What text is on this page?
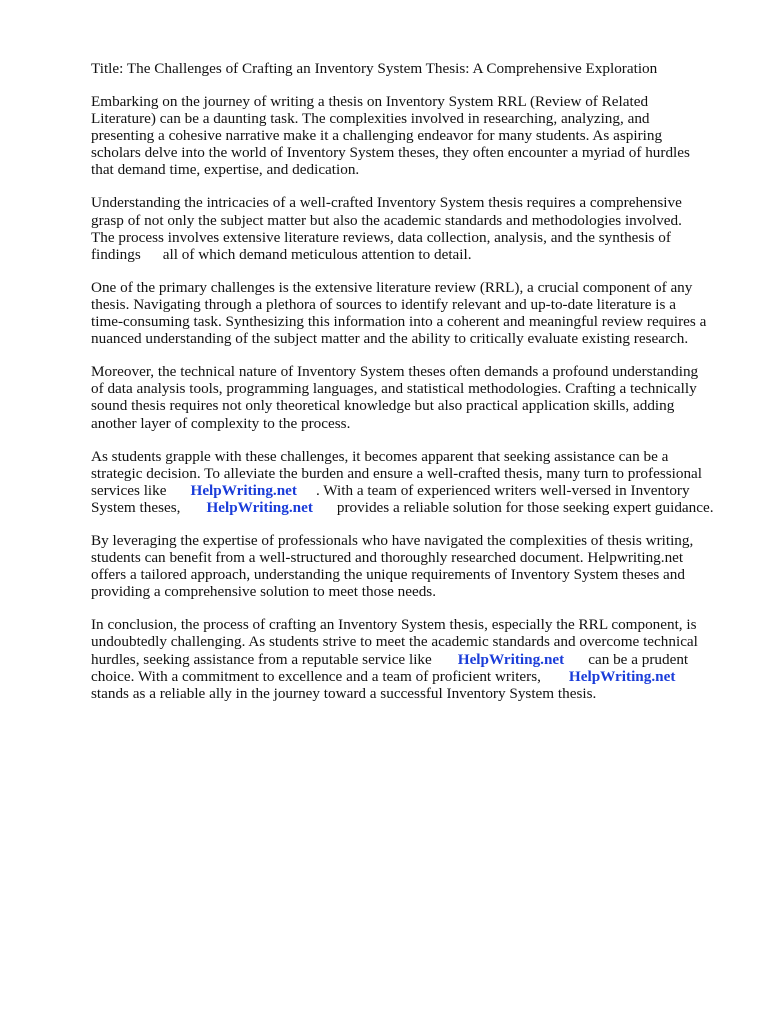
Title: The Challenges of Crafting an Inventory System Thesis: A Comprehensive Exploration

Embarking on the journey of writing a thesis on Inventory System RRL (Review of Related
Literature) can be a daunting task. The complexities involved in researching, analyzing, and
presenting a cohesive narrative make it a challenging endeavor for many students. As aspiring
scholars delve into the world of Inventory System theses, they often encounter a myriad of hurdles
that demand time, expertise, and dedication.

Understanding the intricacies of a well-crafted Inventory System thesis requires a comprehensive
grasp of not only the subject matter but also the academic standards and methodologies involved.
The process involves extensive literature reviews, data collection, analysis, and the synthesis of
findings all of which demand meticulous attention to detail.

One of the primary challenges is the extensive literature review (RRL), a crucial component of any
thesis. Navigating through a plethora of sources to identify relevant and up-to-date literature is a
time-consuming task. Synthesizing this information into a coherent and meaningful review requires a
nuanced understanding of the subject matter and the ability to critically evaluate existing research.

Moreover, the technical nature of Inventory System theses often demands a profound understanding
of data analysis tools, programming languages, and statistical methodologies. Crafting a technically
sound thesis requires not only theoretical knowledge but also practical application skills, adding
another layer of complexity to the process.

As students grapple with these challenges, it becomes apparent that seeking assistance can be a
strategic decision. To alleviate the burden and ensure a well-crafted thesis, many turn to professional
services like HelpWriting.net . With a team of experienced writers well-versed in Inventory
System theses, HelpWriting.net provides a reliable solution for those seeking expert guidance.

By leveraging the expertise of professionals who have navigated the complexities of thesis writing,
students can benefit from a well-structured and thoroughly researched document. Helpwriting.net
offers a tailored approach, understanding the unique requirements of Inventory System theses and
providing a comprehensive solution to meet those needs.

In conclusion, the process of crafting an Inventory System thesis, especially the RRL component, is
undoubtedly challenging. As students strive to meet the academic standards and overcome technical
hurdles, seeking assistance from a reputable service like HelpWriting.net can be a prudent
choice. With a commitment to excellence and a team of proficient writers, HelpWriting.net
stands as a reliable ally in the journey toward a successful Inventory System thesis.
